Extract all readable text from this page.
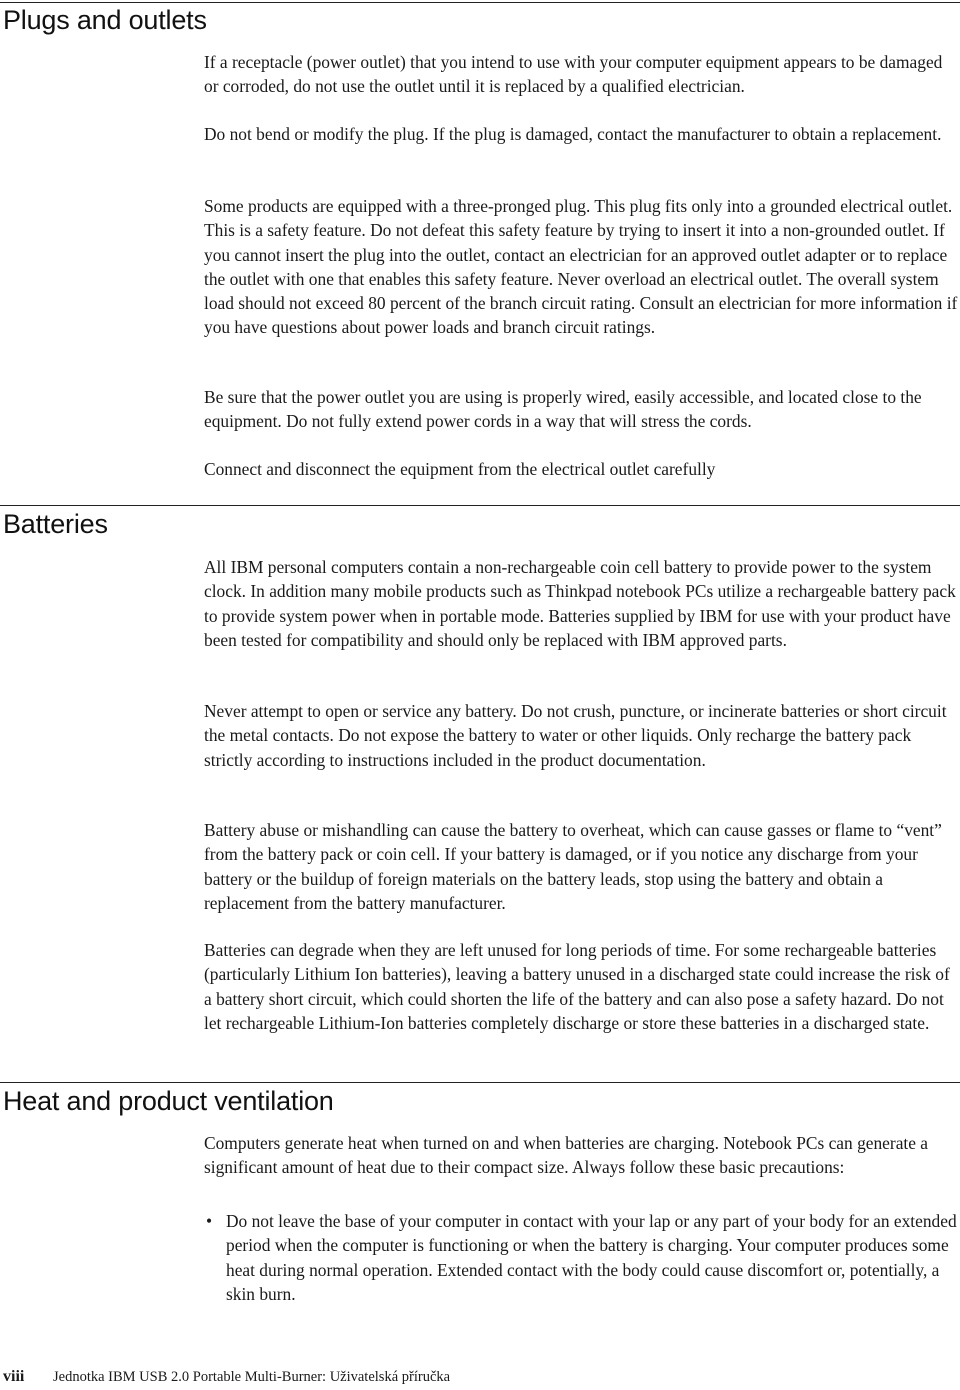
Plugs and outlets

If a receptacle (power outlet) that you intend to use with your computer equipment appears to be damaged or corroded, do not use the outlet until it is replaced by a qualified electrician.

Do not bend or modify the plug. If the plug is damaged, contact the manufacturer to obtain a replacement.

Some products are equipped with a three-pronged plug. This plug fits only into a grounded electrical outlet. This is a safety feature. Do not defeat this safety feature by trying to insert it into a non-grounded outlet. If you cannot insert the plug into the outlet, contact an electrician for an approved outlet adapter or to replace the outlet with one that enables this safety feature. Never overload an electrical outlet. The overall system load should not exceed 80 percent of the branch circuit rating. Consult an electrician for more information if you have questions about power loads and branch circuit ratings.

Be sure that the power outlet you are using is properly wired, easily accessible, and located close to the equipment. Do not fully extend power cords in a way that will stress the cords.

Connect and disconnect the equipment from the electrical outlet carefully

Batteries

All IBM personal computers contain a non-rechargeable coin cell battery to provide power to the system clock. In addition many mobile products such as Thinkpad notebook PCs utilize a rechargeable battery pack to provide system power when in portable mode. Batteries supplied by IBM for use with your product have been tested for compatibility and should only be replaced with IBM approved parts.

Never attempt to open or service any battery. Do not crush, puncture, or incinerate batteries or short circuit the metal contacts. Do not expose the battery to water or other liquids. Only recharge the battery pack strictly according to instructions included in the product documentation.

Battery abuse or mishandling can cause the battery to overheat, which can cause gasses or flame to “vent” from the battery pack or coin cell. If your battery is damaged, or if you notice any discharge from your battery or the buildup of foreign materials on the battery leads, stop using the battery and obtain a replacement from the battery manufacturer.

Batteries can degrade when they are left unused for long periods of time. For some rechargeable batteries (particularly Lithium Ion batteries), leaving a battery unused in a discharged state could increase the risk of a battery short circuit, which could shorten the life of the battery and can also pose a safety hazard. Do not let rechargeable Lithium-Ion batteries completely discharge or store these batteries in a discharged state.

Heat and product ventilation

Computers generate heat when turned on and when batteries are charging. Notebook PCs can generate a significant amount of heat due to their compact size. Always follow these basic precautions:

• Do not leave the base of your computer in contact with your lap or any part of your body for an extended period when the computer is functioning or when the battery is charging. Your computer produces some heat during normal operation. Extended contact with the body could cause discomfort or, potentially, a skin burn.
viii Jednotka IBM USB 2.0 Portable Multi-Burner: Uživatelská příručka
